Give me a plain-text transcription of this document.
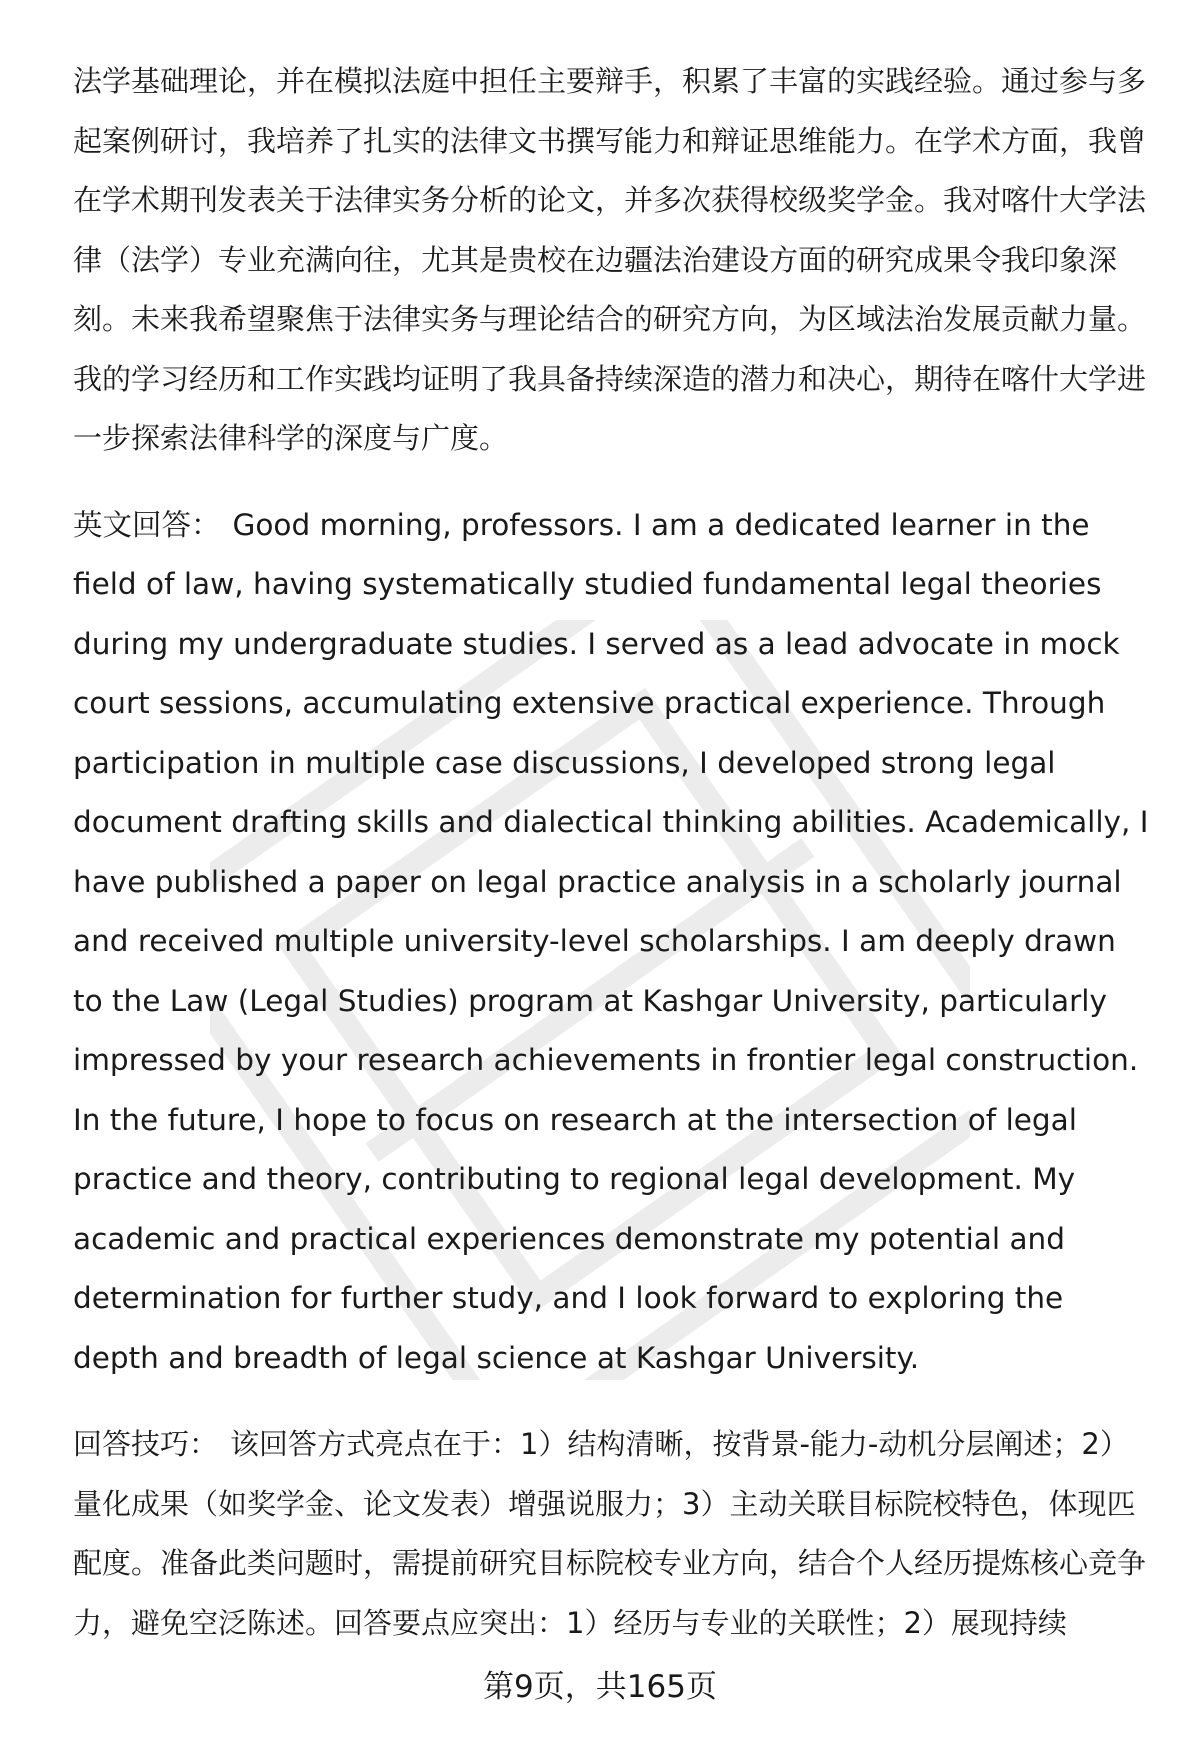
法学基础理论，并在模拟法庭中担任主要辩手，积累了丰富的实践经验。通过参与多起案例研讨，我培养了扎实的法律文书撰写能力和辩证思维能力。在学术方面，我曾在学术期刊发表关于法律实务分析的论文，并多次获得校级奖学金。我对喀什大学法律（法学）专业充满向往，尤其是贵校在边疆法治建设方面的研究成果令我印象深刻。未来我希望聚焦于法律实务与理论结合的研究方向，为区域法治发展贡献力量。我的学习经历和工作实践均证明了我具备持续深造的潜力和决心，期待在喀什大学进一步探索法律科学的深度与广度。

英文回答： Good morning, professors. I am a dedicated learner in the field of law, having systematically studied fundamental legal theories during my undergraduate studies. I served as a lead advocate in mock court sessions, accumulating extensive practical experience. Through participation in multiple case discussions, I developed strong legal document drafting skills and dialectical thinking abilities. Academically, I have published a paper on legal practice analysis in a scholarly journal and received multiple university-level scholarships. I am deeply drawn to the Law (Legal Studies) program at Kashgar University, particularly impressed by your research achievements in frontier legal construction. In the future, I hope to focus on research at the intersection of legal practice and theory, contributing to regional legal development. My academic and practical experiences demonstrate my potential and determination for further study, and I look forward to exploring the depth and breadth of legal science at Kashgar University.

回答技巧： 该回答方式亮点在于：1）结构清晰，按背景-能力-动机分层阐述；2）量化成果（如奖学金、论文发表）增强说服力；3）主动关联目标院校特色，体现匹配度。准备此类问题时，需提前研究目标院校专业方向，结合个人经历提炼核心竞争力，避免空泛陈述。回答要点应突出：1）经历与专业的关联性；2）展现持续

第9页，共165页
